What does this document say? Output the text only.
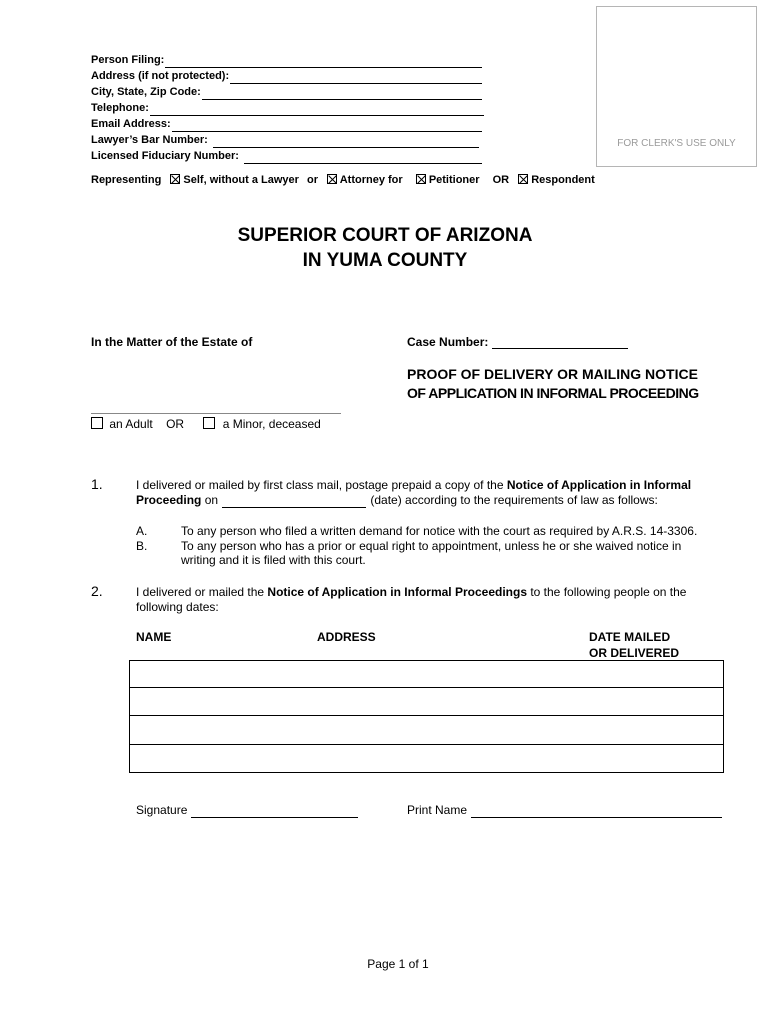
FOR CLERK'S USE ONLY
Person Filing:
Address (if not protected):
City, State, Zip Code:
Telephone:
Email Address:
Lawyer’s Bar Number:
Licensed Fiduciary Number:
Representing Self, without a Lawyer or Attorney for Petitioner OR Respondent
SUPERIOR COURT OF ARIZONA
IN YUMA COUNTY
In the Matter of the Estate of	Case Number:
PROOF OF DELIVERY OR MAILING NOTICE
OF APPLICATION IN INFORMAL PROCEEDING
an Adult OR	a Minor, deceased
1.	I delivered or mailed by first class mail, postage prepaid a copy of the Notice of Application in Informal
Proceeding on	(date) according to the requirements of law as follows:
A.	To any person who filed a written demand for notice with the court as required by A.R.S. 14-3306.
B.	To any person who has a prior or equal right to appointment, unless he or she waived notice in
writing and it is filed with this court.
2.	I delivered or mailed the Notice of Application in Informal Proceedings to the following people on the
following dates:
NAME	ADDRESS	DATE MAILED
OR DELIVERED
Signature	Print Name
Page 1 of 1
